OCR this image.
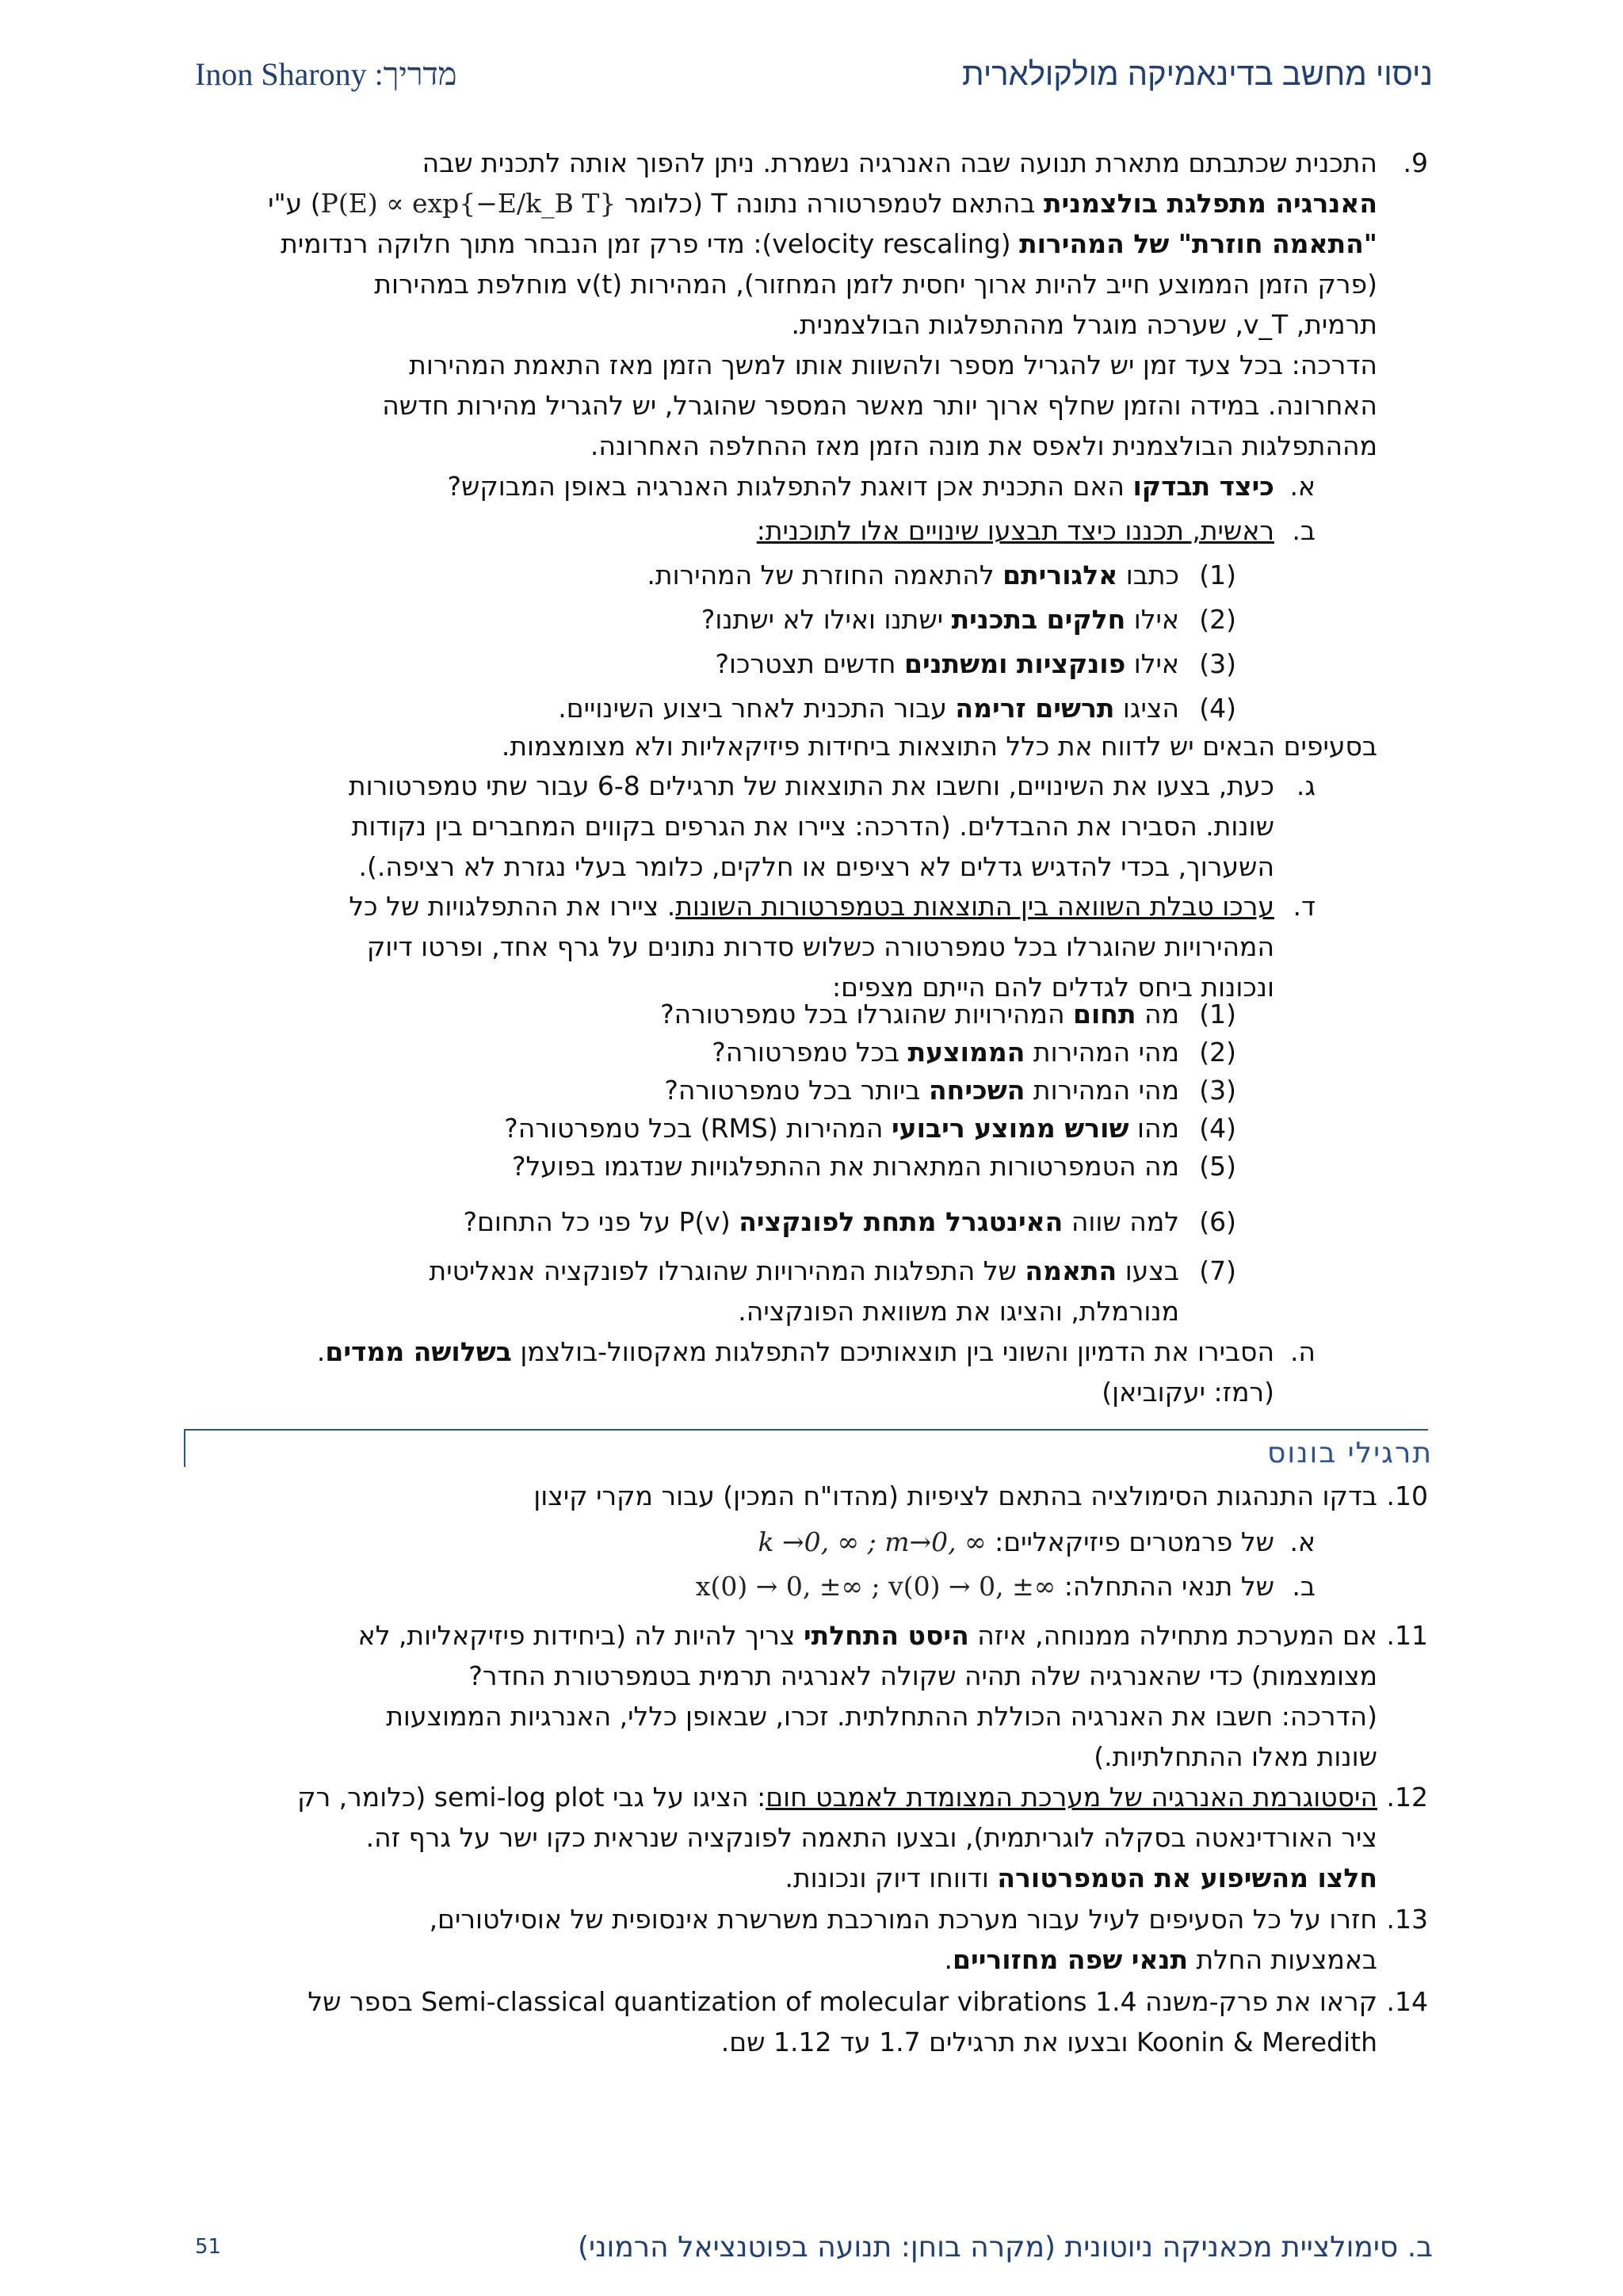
ניסוי מחשב בדינאמיקה מולקולארית
מדריך: Inon Sharony
9.
התכנית שכתבתם מתארת תנועה שבה האנרגיה נשמרת. ניתן להפוך אותה לתכנית שבה
האנרגיה מתפלגת בולצמנית בהתאם לטמפרטורה נתונה T (כלומר P(E) ∝ exp{−E/k_B T}) ע"י
"התאמה חוזרת" של המהירות (velocity rescaling): מדי פרק זמן הנבחר מתוך חלוקה רנדומית
(פרק הזמן הממוצע חייב להיות ארוך יחסית לזמן המחזור), המהירות v(t) מוחלפת במהירות
תרמית, v_T, שערכה מוגרל מההתפלגות הבולצמנית.
הדרכה: בכל צעד זמן יש להגריל מספר ולהשוות אותו למשך הזמן מאז התאמת המהירות
האחרונה. במידה והזמן שחלף ארוך יותר מאשר המספר שהוגרל, יש להגריל מהירות חדשה
מההתפלגות הבולצמנית ולאפס את מונה הזמן מאז ההחלפה האחרונה.
א.
כיצד תבדקו האם התכנית אכן דואגת להתפלגות האנרגיה באופן המבוקש?
ב.
ראשית, תכננו כיצד תבצעו שינויים אלו לתוכנית:
(1)
כתבו אלגוריתם להתאמה החוזרת של המהירות.
(2)
אילו חלקים בתכנית ישתנו ואילו לא ישתנו?
(3)
אילו פונקציות ומשתנים חדשים תצטרכו?
(4)
הציגו תרשים זרימה עבור התכנית לאחר ביצוע השינויים.
בסעיפים הבאים יש לדווח את כלל התוצאות ביחידות פיזיקאליות ולא מצומצמות.
ג.
כעת, בצעו את השינויים, וחשבו את התוצאות של תרגילים 6-8 עבור שתי טמפרטורות
שונות. הסבירו את ההבדלים. (הדרכה: ציירו את הגרפים בקווים המחברים בין נקודות
השערוך, בכדי להדגיש גדלים לא רציפים או חלקים, כלומר בעלי נגזרת לא רציפה.).
ד.
ערכו טבלת השוואה בין התוצאות בטמפרטורות השונות. ציירו את ההתפלגויות של כל
המהירויות שהוגרלו בכל טמפרטורה כשלוש סדרות נתונים על גרף אחד, ופרטו דיוק
ונכונות ביחס לגדלים להם הייתם מצפים:
(1)
מה תחום המהירויות שהוגרלו בכל טמפרטורה?
(2)
מהי המהירות הממוצעת בכל טמפרטורה?
(3)
מהי המהירות השכיחה ביותר בכל טמפרטורה?
(4)
מהו שורש ממוצע ריבועי המהירות (RMS) בכל טמפרטורה?
(5)
מה הטמפרטורות המתארות את ההתפלגויות שנדגמו בפועל?
(6)
למה שווה האינטגרל מתחת לפונקציה P(v) על פני כל התחום?
(7)
בצעו התאמה של התפלגות המהירויות שהוגרלו לפונקציה אנאליטית
מנורמלת, והציגו את משוואת הפונקציה.
ה.
הסבירו את הדמיון והשוני בין תוצאותיכם להתפלגות מאקסוול-בולצמן בשלושה ממדים.
(רמז: יעקוביאן)
תרגילי בונוס
10.
בדקו התנהגות הסימולציה בהתאם לציפיות (מהדו"ח המכין) עבור מקרי קיצון
א.
של פרמטרים פיזיקאליים: k →0, ∞ ; m→0, ∞
ב.
של תנאי ההתחלה: x(0) → 0, ±∞ ; v(0) → 0, ±∞
11.
אם המערכת מתחילה ממנוחה, איזה היסט התחלתי צריך להיות לה (ביחידות פיזיקאליות, לא
מצומצמות) כדי שהאנרגיה שלה תהיה שקולה לאנרגיה תרמית בטמפרטורת החדר?
(הדרכה: חשבו את האנרגיה הכוללת ההתחלתית. זכרו, שבאופן כללי, האנרגיות הממוצעות
שונות מאלו ההתחלתיות.)
12.
היסטוגרמת האנרגיה של מערכת המצומדת לאמבט חום: הציגו על גבי semi-log plot (כלומר, רק
ציר האורדינאטה בסקלה לוגריתמית), ובצעו התאמה לפונקציה שנראית כקו ישר על גרף זה.
חלצו מהשיפוע את הטמפרטורה ודווחו דיוק ונכונות.
13.
חזרו על כל הסעיפים לעיל עבור מערכת המורכבת משרשרת אינסופית של אוסילטורים,
באמצעות החלת תנאי שפה מחזוריים.
14.
קראו את פרק-משנה 1.4 Semi-classical quantization of molecular vibrations בספר של
Koonin & Meredith ובצעו את תרגילים 1.7 עד 1.12 שם.
ב. סימולציית מכאניקה ניוטונית (מקרה בוחן: תנועה בפוטנציאל הרמוני)
51
